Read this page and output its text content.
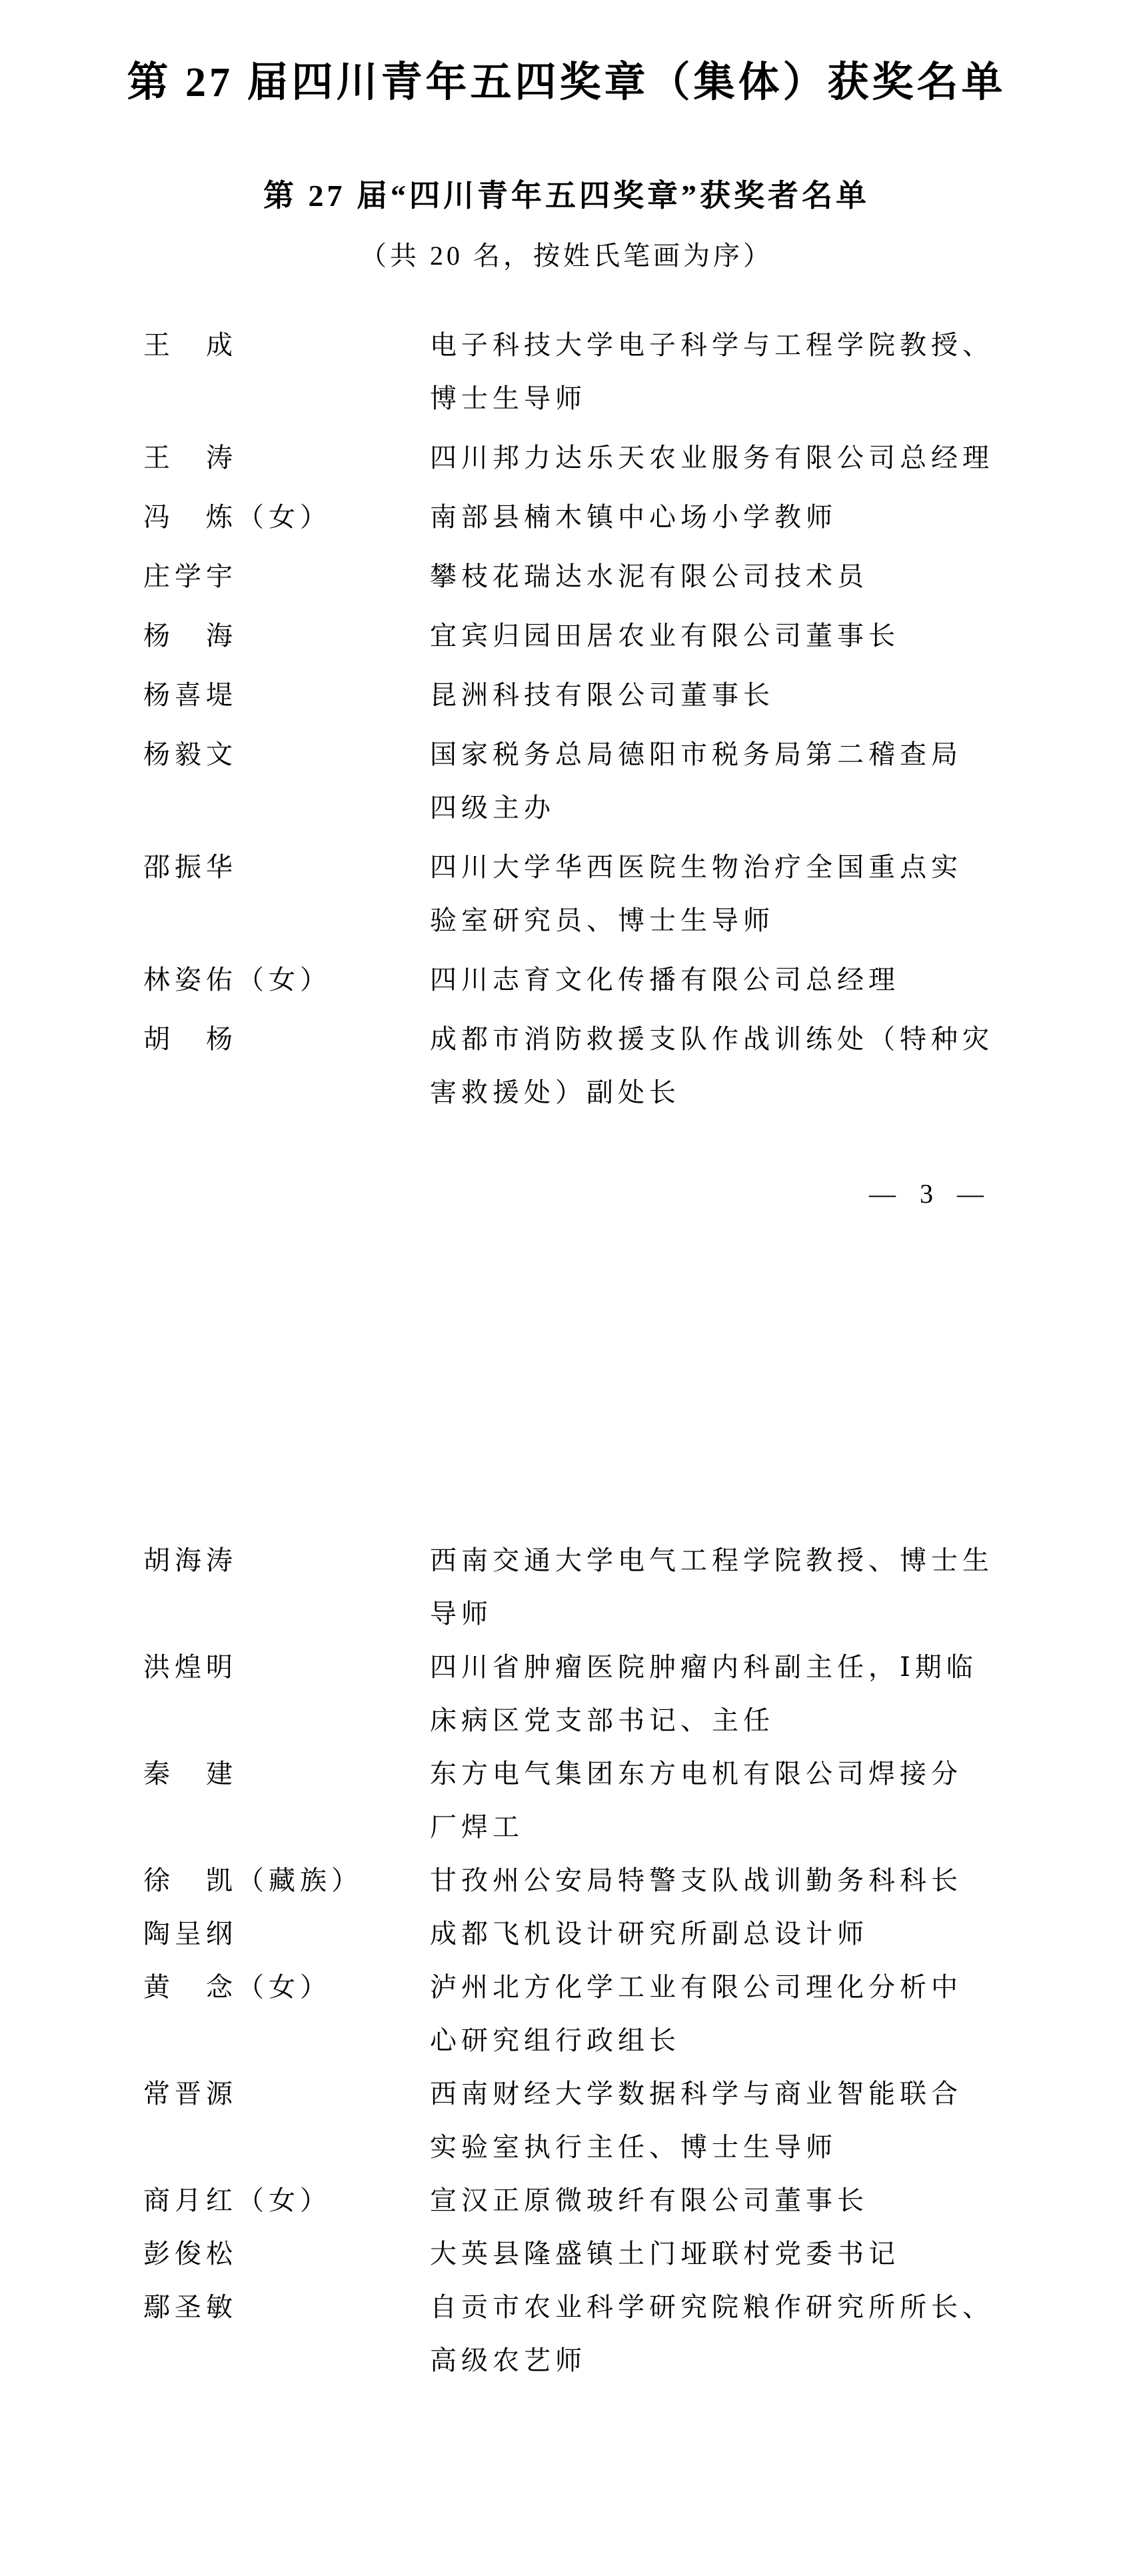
第 27 届四川青年五四奖章（集体）获奖名单
第 27 届“四川青年五四奖章”获奖者名单
（共 20 名，按姓氏笔画为序）
王　成	电子科技大学电子科学与工程学院教授、
博士生导师
王　涛	四川邦力达乐天农业服务有限公司总经理
冯　炼（女）	南部县楠木镇中心场小学教师
庄学宇	攀枝花瑞达水泥有限公司技术员
杨　海	宜宾归园田居农业有限公司董事长
杨喜堤	昆洲科技有限公司董事长
杨毅文	国家税务总局德阳市税务局第二稽查局
四级主办
邵振华	四川大学华西医院生物治疗全国重点实
验室研究员、博士生导师
林姿佑（女）	四川志育文化传播有限公司总经理
胡　杨	成都市消防救援支队作战训练处（特种灾
害救援处）副处长
— 3 —
胡海涛	西南交通大学电气工程学院教授、博士生
导师
洪煌明	四川省肿瘤医院肿瘤内科副主任，Ⅰ期临
床病区党支部书记、主任
秦　建	东方电气集团东方电机有限公司焊接分
厂焊工
徐　凯（藏族）	甘孜州公安局特警支队战训勤务科科长
陶呈纲	成都飞机设计研究所副总设计师
黄　念（女）	泸州北方化学工业有限公司理化分析中
心研究组行政组长
常晋源	西南财经大学数据科学与商业智能联合
实验室执行主任、博士生导师
商月红（女）	宣汉正原微玻纤有限公司董事长
彭俊松	大英县隆盛镇土门垭联村党委书记
鄢圣敏	自贡市农业科学研究院粮作研究所所长、
高级农艺师
